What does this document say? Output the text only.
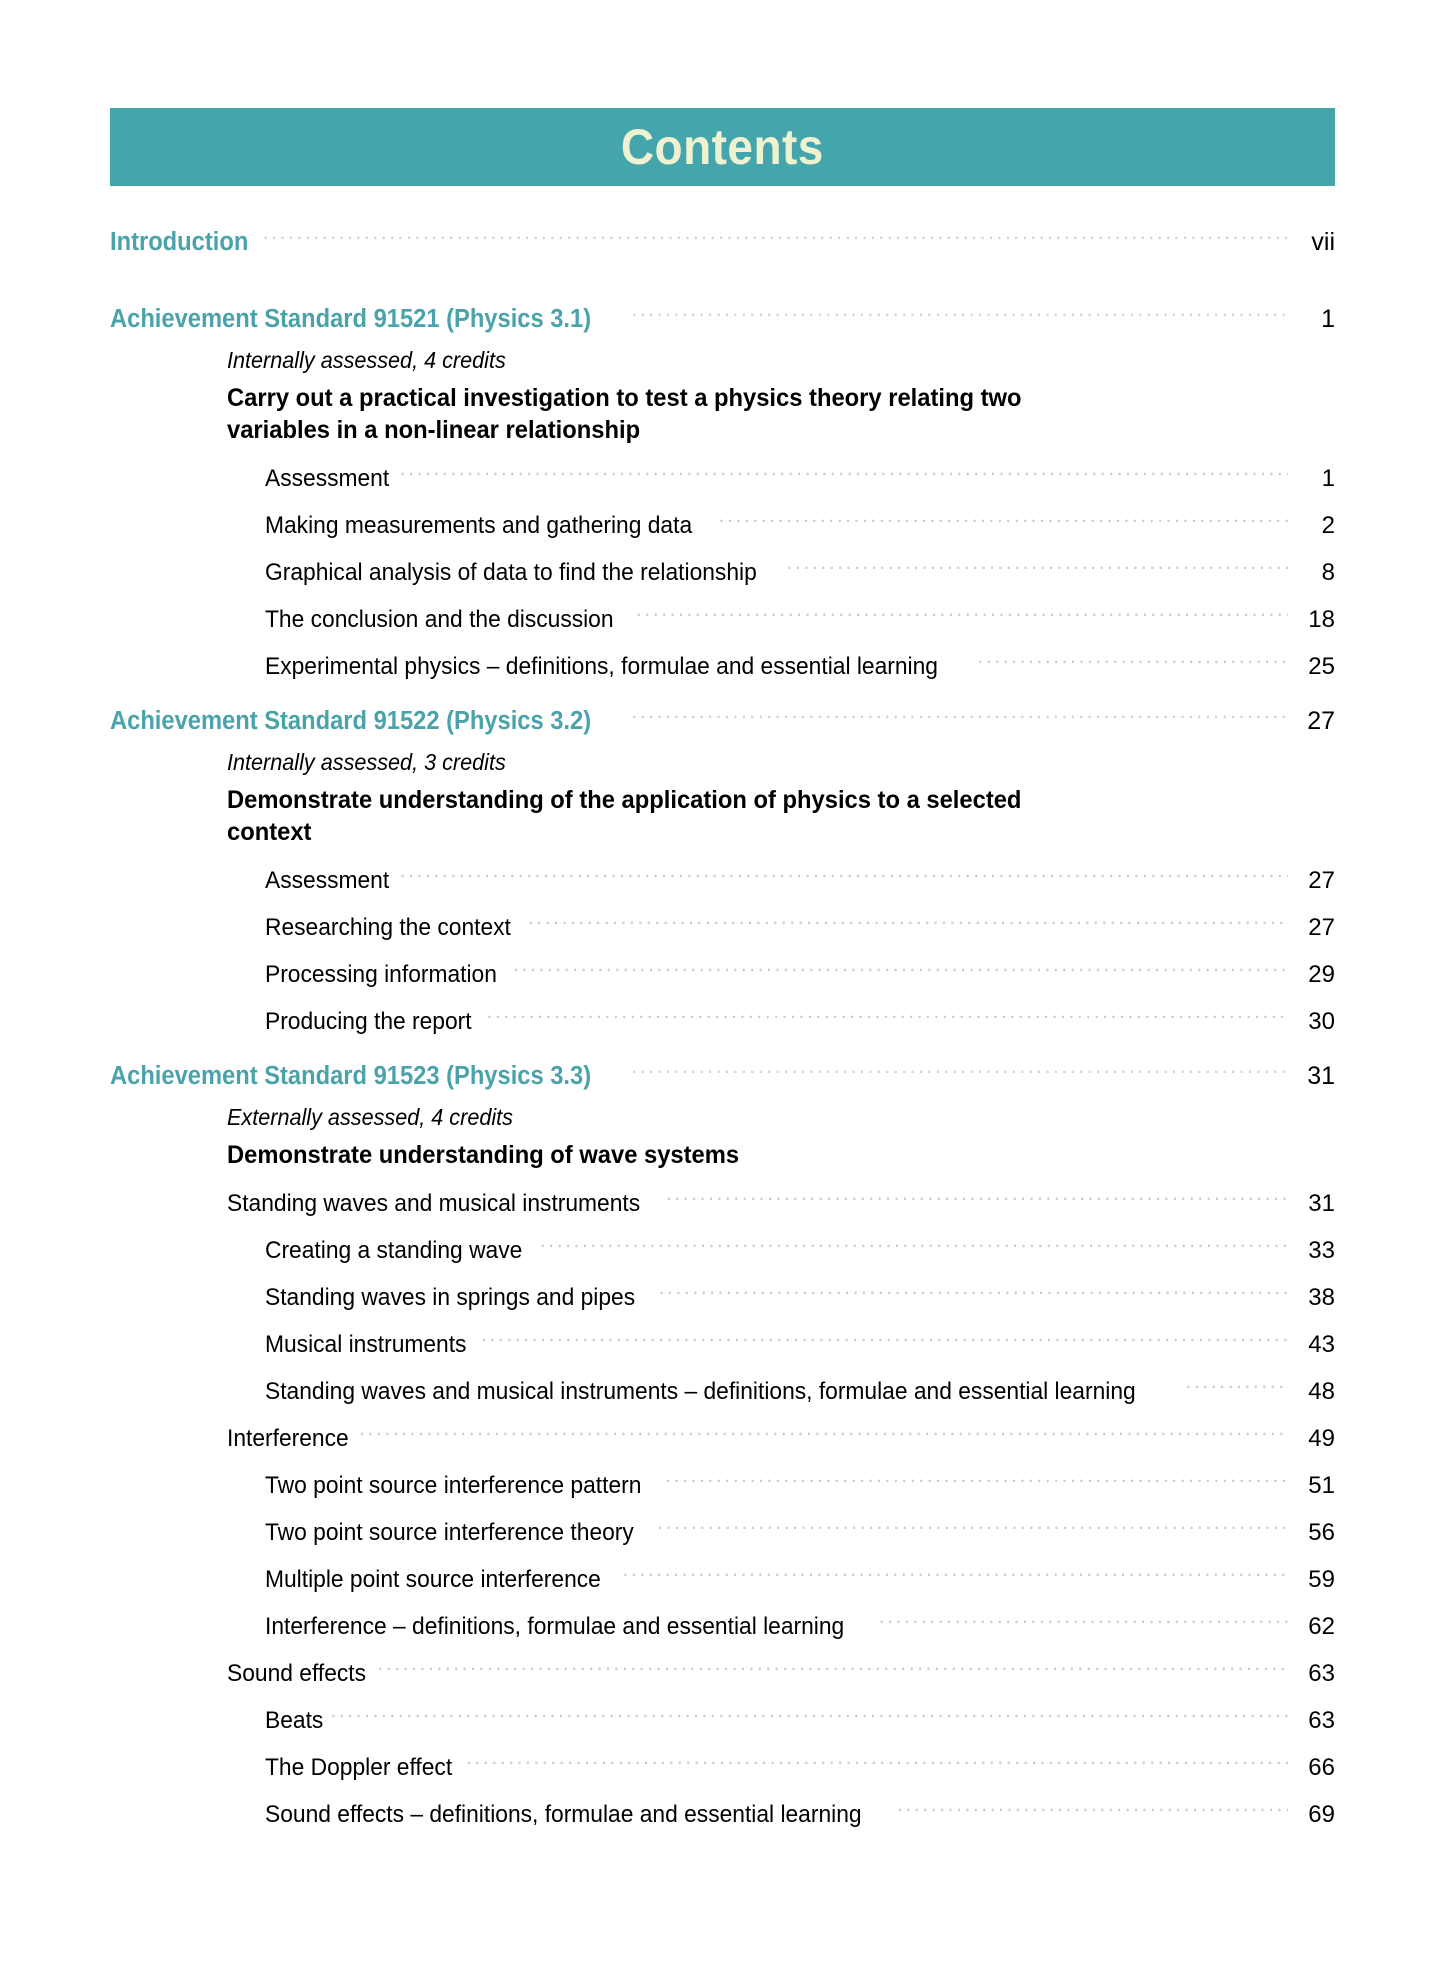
Contents
Introduction .....	vii
Achievement Standard 91521 (Physics 3.1) .....	1
Internally assessed, 4 credits
Carry out a practical investigation to test a physics theory relating two variables in a non-linear relationship
Assessment .....	1
Making measurements and gathering data .....	2
Graphical analysis of data to find the relationship .....	8
The conclusion and the discussion .....	18
Experimental physics – definitions, formulae and essential learning .....	25
Achievement Standard 91522 (Physics 3.2) .....	27
Internally assessed, 3 credits
Demonstrate understanding of the application of physics to a selected context
Assessment .....	27
Researching the context .....	27
Processing information .....	29
Producing the report .....	30
Achievement Standard 91523 (Physics 3.3) .....	31
Externally assessed, 4 credits
Demonstrate understanding of wave systems
Standing waves and musical instruments .....	31
Creating a standing wave .....	33
Standing waves in springs and pipes .....	38
Musical instruments .....	43
Standing waves and musical instruments – definitions, formulae and essential learning .....	48
Interference .....	49
Two point source interference pattern .....	51
Two point source interference theory .....	56
Multiple point source interference .....	59
Interference – definitions, formulae and essential learning .....	62
Sound effects .....	63
Beats .....	63
The Doppler effect .....	66
Sound effects – definitions, formulae and essential learning .....	69
